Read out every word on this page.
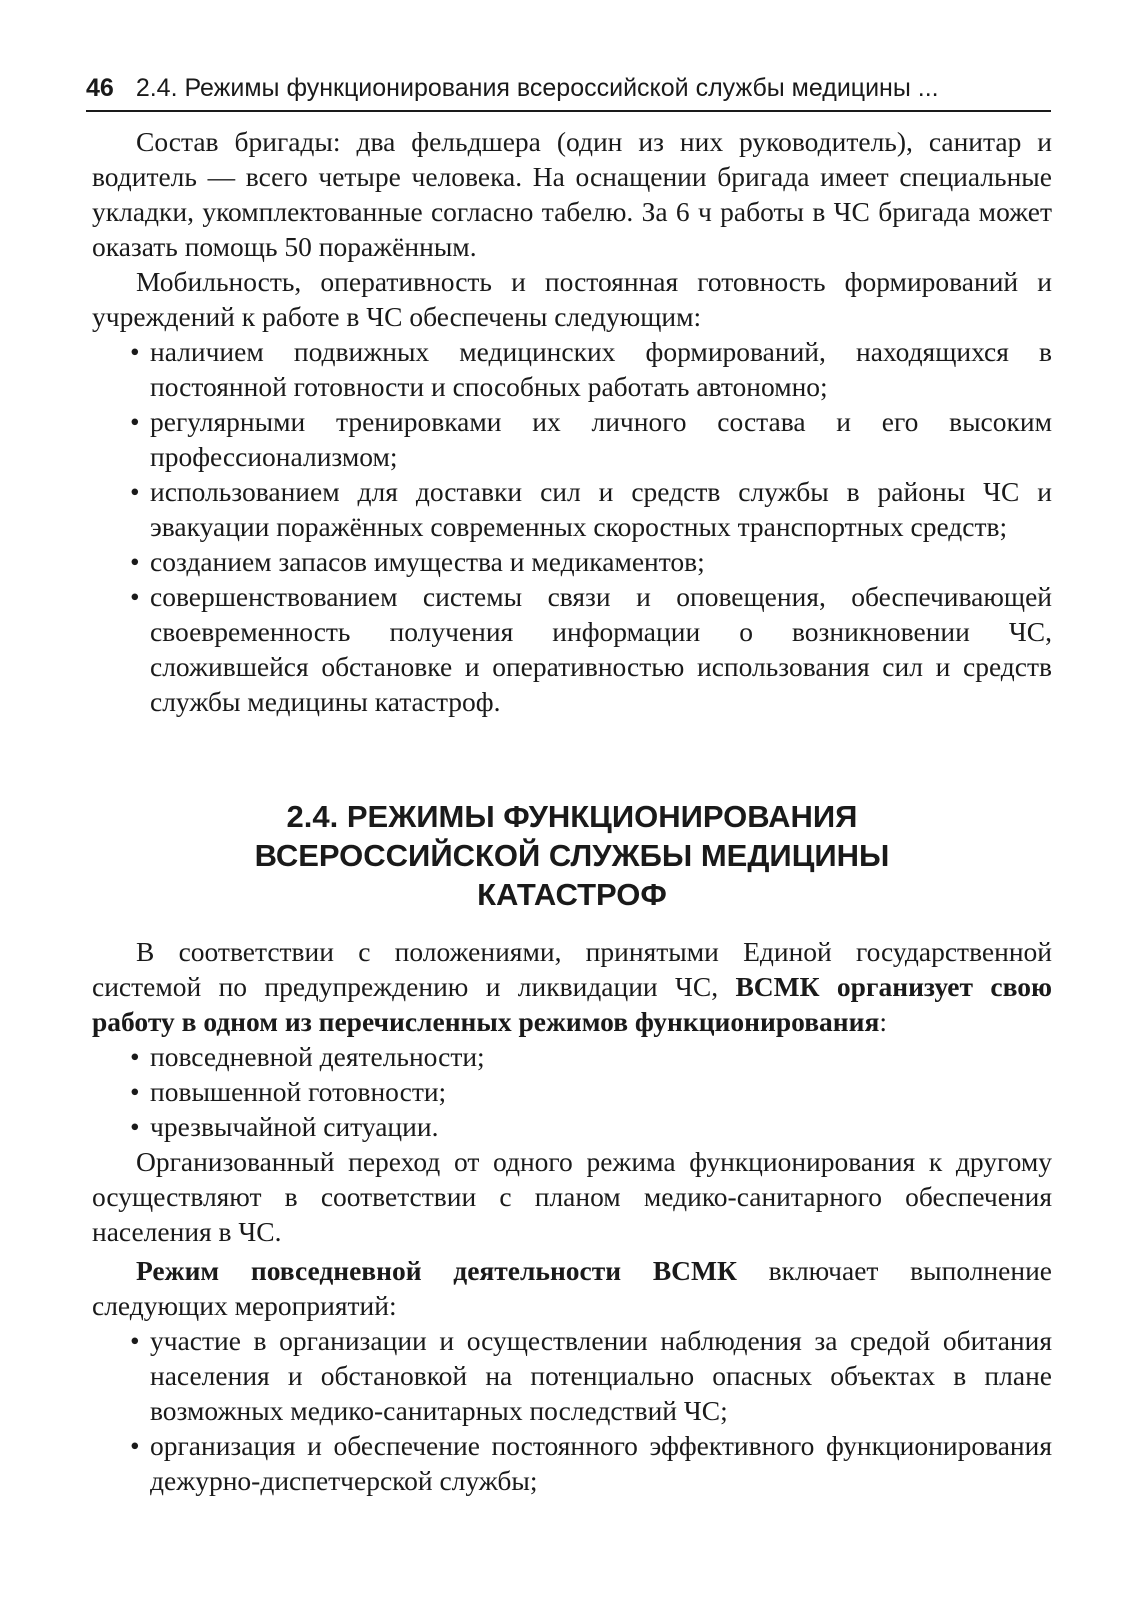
46 2.4. Режимы функционирования всероссийской службы медицины ...

Состав бригады: два фельдшера (один из них руководитель), санитар и водитель — всего четыре человека. На оснащении бригада имеет специальные укладки, укомплектованные согласно табелю. За 6 ч работы в ЧС бригада может оказать помощь 50 поражённым.

Мобильность, оперативность и постоянная готовность формирований и учреждений к работе в ЧС обеспечены следующим:

• наличием подвижных медицинских формирований, находящихся в постоянной готовности и способных работать автономно;
• регулярными тренировками их личного состава и его высоким профессионализмом;
• использованием для доставки сил и средств службы в районы ЧС и эвакуации поражённых современных скоростных транспортных средств;
• созданием запасов имущества и медикаментов;
• совершенствованием системы связи и оповещения, обеспечивающей своевременность получения информации о возникновении ЧС, сложившейся обстановке и оперативностью использования сил и средств службы медицины катастроф.
2.4. РЕЖИМЫ ФУНКЦИОНИРОВАНИЯ
ВСЕРОССИЙСКОЙ СЛУЖБЫ МЕДИЦИНЫ
КАТАСТРОФ

В соответствии с положениями, принятыми Единой государственной системой по предупреждению и ликвидации ЧС, ВСМК организует свою работу в одном из перечисленных режимов функционирования:

• повседневной деятельности;
• повышенной готовности;
• чрезвычайной ситуации.

Организованный переход от одного режима функционирования к другому осуществляют в соответствии с планом медико-санитарного обеспечения населения в ЧС.

Режим повседневной деятельности ВСМК включает выполнение следующих мероприятий:

• участие в организации и осуществлении наблюдения за средой обитания населения и обстановкой на потенциально опасных объектах в плане возможных медико-санитарных последствий ЧС;
• организация и обеспечение постоянного эффективного функционирования дежурно-диспетчерской службы;
